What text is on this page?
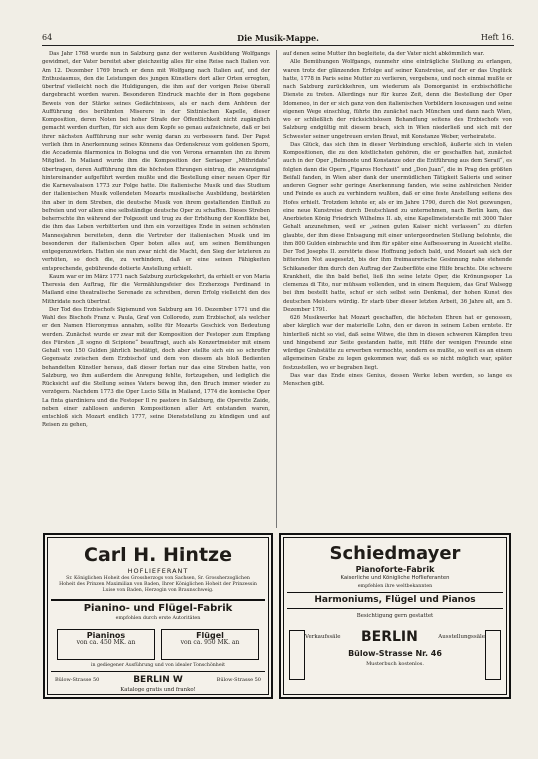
64	Die Musik-Mappe.	Heft 16.

Das Jahr 1768 wurde nun in Salzburg ganz der weiteren Ausbildung Wolfgangs gewidmet, der Vater bereitet aber gleichzeitig alles für eine Reise nach Italien vor. Am 12. Dezember 1769 brach er denn mit Wolfgang nach Italien auf, und der Enthusiasmus, den die Leistungen des jungen Künstlers dort aller Orten erregten, übertraf vielleicht noch die Huldigungen, die ihm auf der vorigen Reise überall dargebracht worden waren. Besonderen Eindruck machte der in Rom gegebene Beweis von der Stärke seines Gedächtnisses, als er nach dem Anhören der Aufführung des berühmten Miserere in der Sixtinischen Kapelle, dieser Komposition, deren Noten bei hoher Strafe der Öffentlichkeit nicht zugänglich gemacht werden durften, für sich aus dem Kopfe so genau aufzeichnete, daß er bei ihrer nächsten Aufführung nur sehr wenig daran zu verbessern fand. Der Papst verlieh ihm in Anerkennung seines Könnens das Ordenskreuz vom goldenen Sporn, die Accademia filarmonica in Bologna und die von Verona ernannten ihn zu ihrem Mitglied. In Mailand wurde ihm die Komposition der Seriaoper „Mithridate“ übertragen, deren Aufführung ihm die höchsten Ehrungen eintrug, die zwanzigmal hintereinander aufgeführt werden mußte und die Bestellung einer neuen Oper für die Karnevalsaison 1773 zur Folge hatte. Die italienische Musik und das Studium der italienischen Musik vollendeten Mozarts musikalische Ausbildung, bestärkten ihn aber in dem Streben, die deutsche Musik von ihrem gestaltenden Einfluß zu befreien und vor allem eine selbständige deutsche Oper zu schaffen. Dieses Streben beherrschte ihn während der Folgezeit und trug zu der Erhöhung der Konflikte bei, die ihm das Leben verbitterten und ihm ein vorzeitiges Ende in seinen schönsten Mannesjahren bereiteten, denn die Vertreter der italienischen Musik und im besonderen der italienischen Oper boten alles auf, um seinen Bemühungen entgegenzuwirken. Hatten sie nun zwar nicht die Macht, den Sieg der letzteren zu verhüten, so doch die, zu verhindern, daß er eine seinen Fähigkeiten entsprechende, gebührende dotierte Anstellung erhielt.

Kaum war er im März 1771 nach Salzburg zurückgekehrt, da erhielt er von Maria Theresia den Auftrag, für die Vermählungsfeier des Erzherzogs Ferdinand in Mailand eine theatralische Serenade zu schreiben, deren Erfolg vielleicht den des Mithridate noch übertraf.

Der Tod des Erzbischofs Sigismund von Salzburg am 16. Dezember 1771 und die Wahl des Bischofs Franz v. Paula, Graf von Colloredo, zum Erzbischof, als welcher er den Namen Hieronymus annahm, sollte für Mozarts Geschick von Bedeutung werden. Zunächst wurde er zwar mit der Komposition der Festoper zum Empfang des Fürsten „Il sogno di Scipione“ beauftragt, auch als Konzertmeister mit einem Gehalt von 150 Gulden jährlich bestätigt, doch aber stellte sich ein so schroffer Gegensatz zwischen dem Erzbischof und dem von diesem als bloß Bedienten behandelten Künstler heraus, daß dieser fortan nur das eine Streben hatte, von Salzburg, wo ihm außerdem die Anregung fehlte, fortzugehen, und lediglich die Rücksicht auf die Stellung seines Vaters bewog ihn, den Bruch immer wieder zu verzögern. Nachdem 1773 die Oper Lucio Silla in Mailand, 1774 die komische Oper La finta giardiniera und die Festoper Il re pastore in Salzburg, die Operette Zaide, neben einer zahllosen anderen Kompositionen aller Art entstanden waren, entschloß sich Mozart endlich 1777, seine Dienststellung zu kündigen und auf Reisen zu gehen,

auf denen seine Mutter ihn begleitete, da der Vater nicht abkömmlich war.

Alle Bemühungen Wolfgangs, nunmehr eine einträgliche Stellung zu erlangen, waren trotz der glänzenden Erfolge auf seiner Kunstreise, auf der er das Unglück hatte, 1778 in Paris seine Mutter zu verlieren, vergebens, und noch einmal mußte er nach Salzburg zurückkehren, um wiederum als Domorganist in erzbischöfliche Dienste zu treten. Allerdings nur für kurze Zeit, denn die Bestellung der Oper Idomeneo, in der er sich ganz von den italienischen Vorbildern loszusagen und seine eigenen Wege einschlug, führte ihn zunächst nach München und dann nach Wien, wo er schließlich der rücksichtslosen Behandlung seitens des Erzbischofs von Salzburg endgültig mit diesem brach, sich in Wien niederließ und sich mit der Schwester seiner ungetreuen ersten Braut, mit Konstanze Weber, verheiratete.

Das Glück, das sich ihm in dieser Verbindung erschloß, äußerte sich in vielen Kompositionen, die zu den köstlichsten gehören, die er geschaffen hat, zunächst auch in der Oper „Belmonte und Konstanze oder die Entführung aus dem Serail“, es folgten dann die Opern „Figaros Hochzeit“ und „Don Juan“, die in Prag den größten Beifall fanden, in Wien aber dank der unermüdlichen Tätigkeit Salieris und seiner anderen Gegner sehr geringe Anerkennung fanden, wie seine zahlreichen Neider und Feinde es auch zu verhindern wußten, daß er eine feste Anstellung seitens des Hofes erhielt. Trotzdem lehnte er, als er im Jahre 1790, durch die Not gezwungen, eine neue Kunstreise durch Deutschland zu unternehmen, nach Berlin kam, das Anerbieten König Friedrich Wilhelms II. ab, eine Kapellmeisterstelle mit 3000 Taler Gehalt anzunehmen, weil er „seinen guten Kaiser nicht verlassen“ zu dürfen glaubte, der ihm diese Entsagung mit einer untergeordneten Stellung belohnte, die ihm 800 Gulden einbrachte und ihm für später eine Aufbesserung in Aussicht stellte. Der Tod Josephs II. zerstörte diese Hoffnung jedoch bald, und Mozart sah sich der bittersten Not ausgesetzt, bis der ihm freimaurerische Gesinnung nahe stehende Schikaneder ihm durch den Auftrag der Zauberflöte eine Hilfe brachte. Die schwere Krankheit, die ihn bald befiel, ließ ihn seine letzte Oper, die Krönungsoper La clemenza di Tito, nur mühsam vollenden, und in einem Requiem, das Graf Walsegg bei ihm bestellt hatte, schuf er sich selbst sein Denkmal, der hohen Kunst des deutschen Meisters würdig. Er starb über dieser letzten Arbeit, 36 Jahre alt, am 5. Dezember 1791.

626 Musikwerke hat Mozart geschaffen, die höchsten Ehren hat er genossen, aber kärglich war der materielle Lohn, den er davon in seinem Leben erntete. Er hinterließ nicht so viel, daß seine Witwe, die ihm in diesen schweren Kämpfen treu und hingebend zur Seite gestanden hatte, mit Hilfe der wenigen Freunde eine würdige Grabstätte zu erwerben vermochte, sondern es mußte, so weit es an einem allgemeinen Grabe zu legen gekommen war, daß es so nicht möglich war, später festzustellen, wo er begraben liegt.

Das war das Ende eines Genius, dessen Werke leben werden, so lange es Menschen gibt.

Carl H. Hintze
HOFLIEFERANT
Sr. Königlichen Hoheit des Grossherzogs von Sachsen, Sr. Grossherzoglichen Hoheit des Prinzen Maximilian von Baden, Ihrer Königlichen Hoheit der Prinzessin Luise von Baden, Herzogin von Braunschweig.
Pianino- und Flügel-Fabrik
empfohlen durch erste Autoritäten
Pianinos
von ca. 450 MK. an
Flügel
von ca. 950 MK. an
in gediegener Ausführung und von idealer Tonschönheit
Bülow-Strasse 50	BERLIN W	Bülow-Strasse 50
Kataloge gratis und franko!
Schiedmayer
Pianoforte-Fabrik
Kaiserliche und Königliche Hoflieferanten
empfehlen ihre weltbekannten
Harmoniums, Flügel und Pianos
Besichtigung gern gestattet
Verkaufssäle BERLIN	Ausstellungssäle
Bülow-Strasse Nr. 46
Musterbuch kostenlos.
